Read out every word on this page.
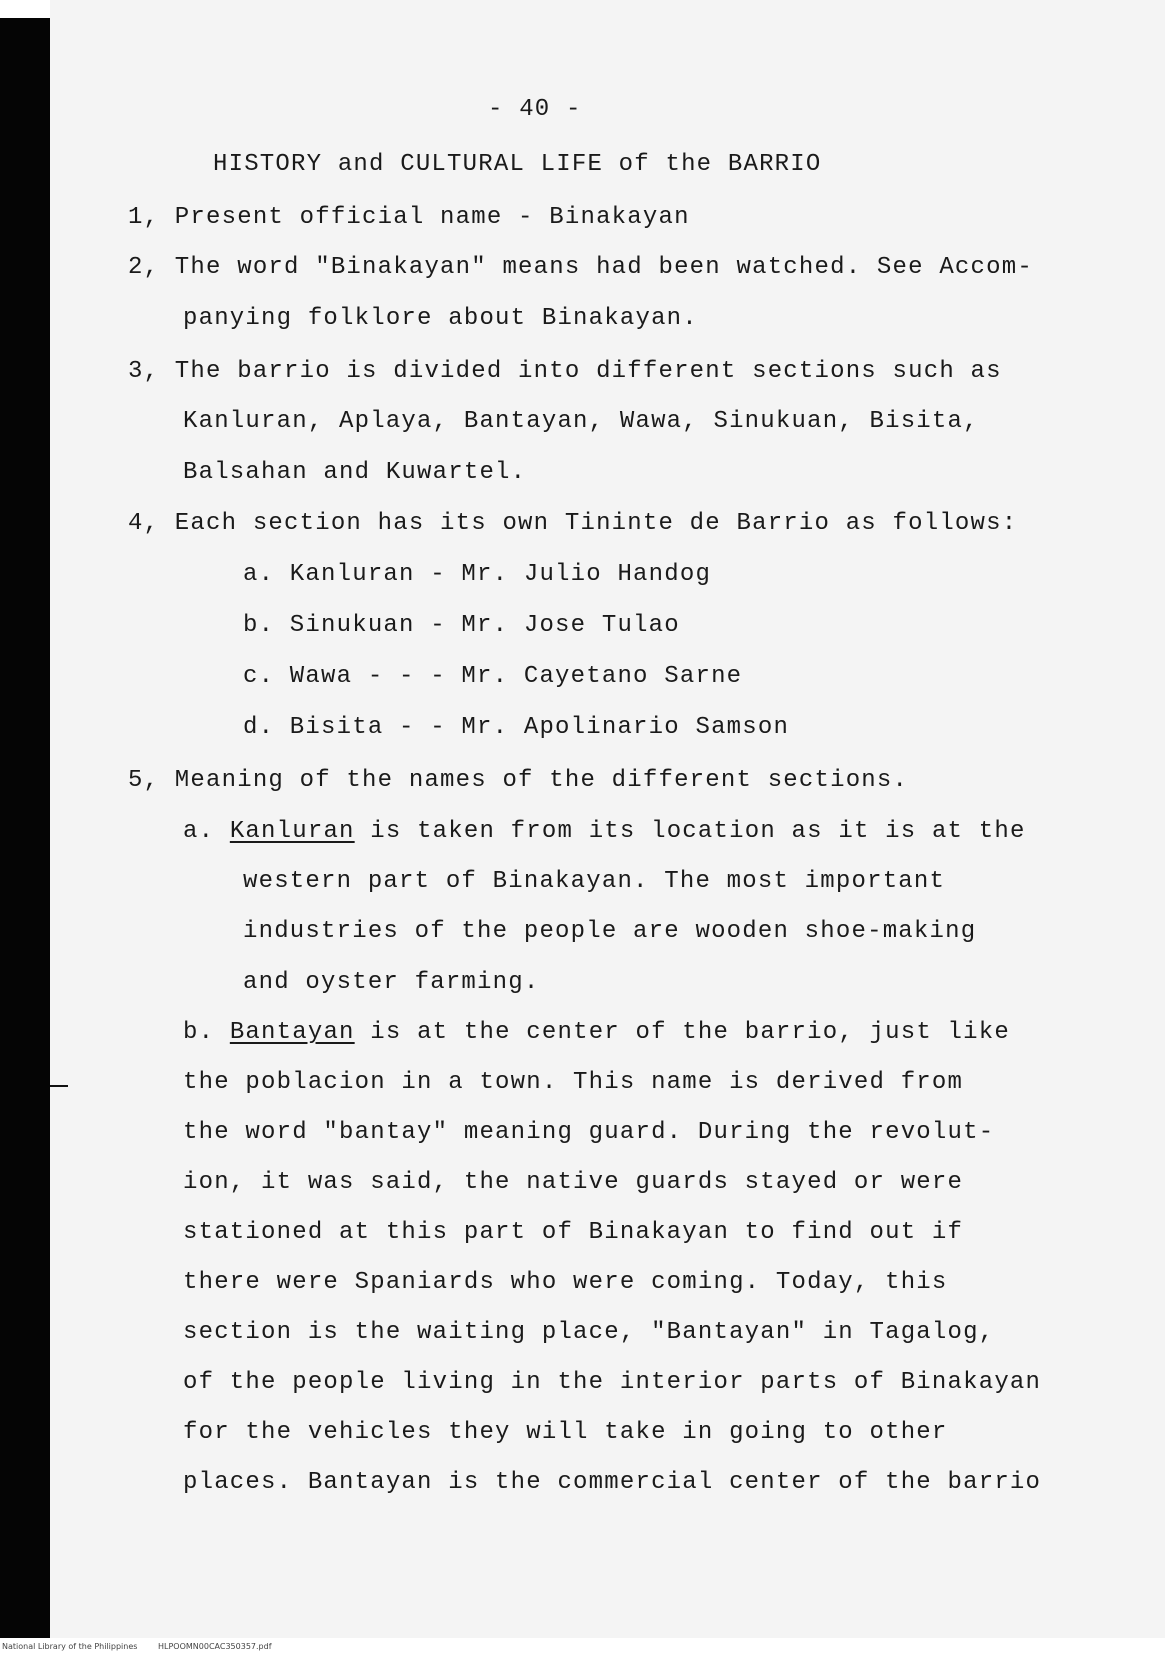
- 40 -
HISTORY and CULTURAL LIFE of the BARRIO
1, Present official name - Binakayan
2, The word "Binakayan" means had been watched. See Accom-
panying folklore about Binakayan.
3, The barrio is divided into different sections such as
Kanluran, Aplaya, Bantayan, Wawa, Sinukuan, Bisita,
Balsahan and Kuwartel.
4, Each section has its own Tininte de Barrio as follows:
a. Kanluran - Mr. Julio Handog
b. Sinukuan - Mr. Jose Tulao
c. Wawa - - - Mr. Cayetano Sarne
d. Bisita - - Mr. Apolinario Samson
5, Meaning of the names of the different sections.
a. Kanluran is taken from its location as it is at the
western part of Binakayan. The most important
industries of the people are wooden shoe-making
and oyster farming.
b. Bantayan is at the center of the barrio, just like
the poblacion in a town. This name is derived from
the word "bantay" meaning guard. During the revolut-
ion, it was said, the native guards stayed or were
stationed at this part of Binakayan to find out if
there were Spaniards who were coming. Today, this
section is the waiting place, "Bantayan" in Tagalog,
of the people living in the interior parts of Binakayan
for the vehicles they will take in going to other
places. Bantayan is the commercial center of the barrio
National Library of the Philippines	HLPOOMN00CAC350357.pdf
